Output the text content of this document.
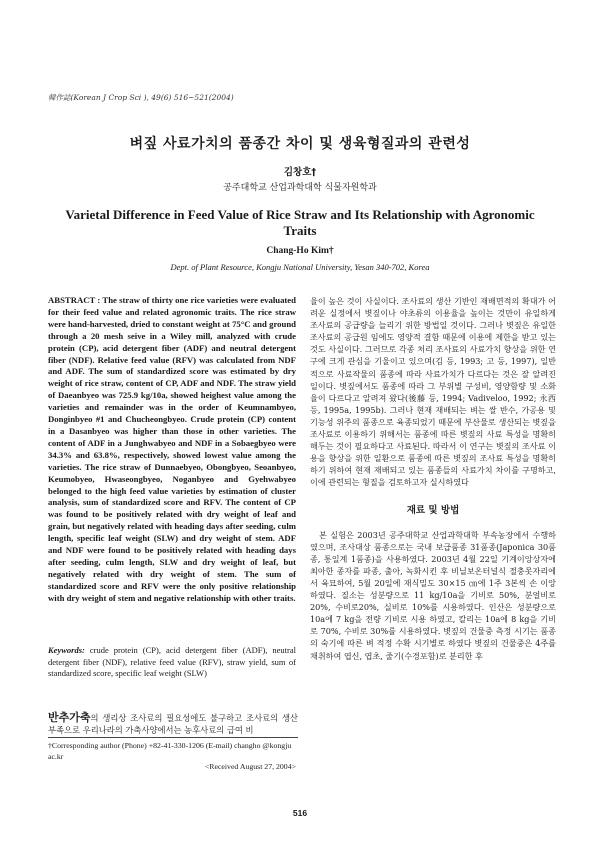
韓作誌(Korean J Crop Sci ), 49(6) 516~521(2004)
벼짚 사료가치의 품종간 차이 및 생육형질과의 관련성
김창호†
공주대학교 산업과학대학 식물자원학과
Varietal Difference in Feed Value of Rice Straw and Its Relationship with Agronomic Traits
Chang-Ho Kim†
Dept. of Plant Resource, Kongju National University, Yesan 340-702, Korea
ABSTRACT : The straw of thirty one rice varieties were evaluated for their feed value and related agronomic traits. The rice straw were hand-harvested, dried to constant weight at 75°C and ground through a 20 mesh seive in a Wiley mill, analyzed with crude protein (CP), acid detergent fiber (ADF) and neutral detergent fiber (NDF). Relative feed value (RFV) was calculated from NDF and ADF. The sum of standardized score was estimated by dry weight of rice straw, content of CP, ADF and NDF. The straw yield of Daeanbyeo was 725.9 kg/10a, showed heighest value among the varieties and remainder was in the order of Keumnambyeo, Donginbyeo #1 and Chucheongbyeo. Crude protein (CP) content in a Dasanbyeo was higher than those in other varieties. The content of ADF in a Junghwabyeo and NDF in a Sobaegbyeo were 34.3% and 63.8%, respectively, showed lowest value among the varieties. The rice straw of Dunnaebyeo, Obongbyeo, Seoanbyeo, Keumobyeo, Hwaseongbyeo, Noganbyeo and Gyehwabyeo belonged to the high feed value varieties by estimation of cluster analysis, sum of standardized score and RFV. The content of CP was found to be positively related with dry weight of leaf and grain, but negatively related with heading days after seeding, culm length, specific leaf weight (SLW) and dry weight of stem. ADF and NDF were found to be positively related with heading days after seeding, culm length, SLW and dry weight of leaf, but negatively related with dry weight of stem. The sum of standardized score and RFV were the only positive relationship with dry weight of stem and negative relationship with other traits.
Keywords: crude protein (CP), acid detergent fiber (ADF), neutral detergent fiber (NDF), relative feed value (RFV), straw yield, sum of standardized score, specific leaf weight (SLW)
반추가축의 생리상 조사료의 필요성에도 불구하고 조사료의 생산 부족으로 우리나라의 가축사양에서는 농후사료의 급여 비
†Corresponding author (Phone) +82-41-330-1206 (E-mail) changho @kongju ac.kr
<Received August 27, 2004>

율이 높은 것이 사실이다. 조사료의 생산 기반인 재배면적의 확대가 어려운 실정에서 볏짚이나 야초류의 이용율을 높이는 것만이 유일하게 조사료의 공급량을 늘리기 위한 방법일 것이다. 그러나 볏짚은 유일한 조사료의 공급원 임에도 영양적 결함 때문에 이용에 제한을 받고 있는 것도 사실이다. 그러므로 각종 처리 조사료의 사료가치 향상을 위한 연구에 크게 관심을 기울이고 있으며(김 등, 1993; 고 등, 1997), 일반적으로 사료작물의 품종에 따라 사료가치가 다르다는 것은 잘 알려진 일이다. 볏짚에서도 품종에 따라 그 부위별 구성비, 영양함량 및 소화율이 다르다고 알려져 왔다(後藤 등, 1994; Vadiveloo, 1992; 永西 등, 1995a, 1995b). 그러나 현재 재배되는 벼는 쌀 반수, 가공용 및 기능성 위주의 품종으로 육종되었기 때문에 부산물로 생산되는 볏짚을 조사료로 이용하기 위해서는 품종에 따른 볏짚의 사료 특성을 명확히 해두는 것이 필요하다고 사료된다. 따라서 이 연구는 볏짚의 조사료 이용을 향상을 위한 일환으로 품종에 따른 볏짚의 조사료 특성을 명확히 하기 위하여 현재 재배되고 있는 품종들의 사료가치 차이를 구명하고, 이에 관련되는 형질을 검토하고자 실시하였다

재료 및 방법

본 실험은 2003년 공주대학교 산업과학대학 부속농장에서 수행하였으며, 조사대상 품종으로는 국내 보급품종 31품종(Japonica 30품종, 통일계 1품종)을 사용하였다. 2003년 4월 22일 기계이앙상자에 최아한 종자를 파종, 출아, 녹화시킨 후 비닐보온터널식 절충못자리에서 육묘하여, 5월 20일에 재식밀도 30×15 ㎝에 1주 3본씩 손 이앙 하였다. 질소는 성분량으로 11 kg/10a을 기비로 50%, 분얼비로 20%, 수비로20%, 실비로 10%를 시용하였다. 인산은 성분량으로 10a에 7 kg을 전량 기비로 시용 하였고, 칼리는 10a에 8 kg을 기비로 70%, 수비로 30%를 시용하였다. 볏짚의 건물중 측정 시기는 품종의 숙기에 따른 벼 적정 수확 시기별로 하였다 볏짚의 건물중은 4주를 채취하여 엽신, 엽초, 줄기(수경포함)로 분리한 후

516
